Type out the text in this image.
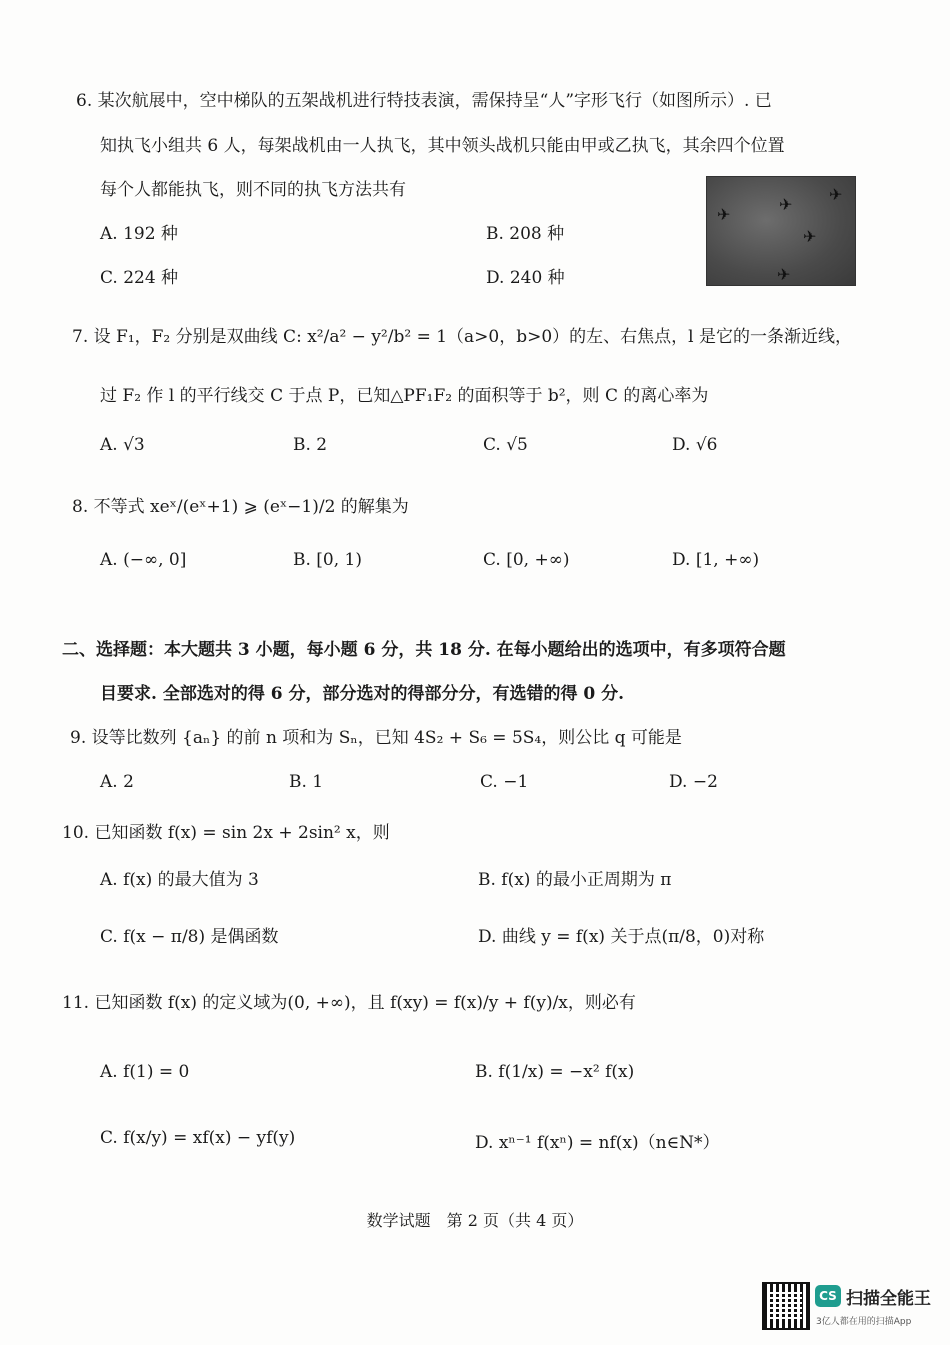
6. 某次航展中，空中梯队的五架战机进行特技表演，需保持呈“人”字形飞行（如图所示）. 已
知执飞小组共 6 人，每架战机由一人执飞，其中领头战机只能由甲或乙执飞，其余四个位置
每个人都能执飞，则不同的执飞方法共有
A. 192 种	B. 208 种
C. 224 种	D. 240 种
✈
✈
✈
✈
✈
7. 设 F₁，F₂ 分别是双曲线 C: x²/a² − y²/b² = 1（a>0，b>0）的左、右焦点，l 是它的一条渐近线，
过 F₂ 作 l 的平行线交 C 于点 P，已知△PF₁F₂ 的面积等于 b²，则 C 的离心率为
A. √3	B. 2	C. √5	D. √6
8. 不等式 xeˣ/(eˣ+1) ⩾ (eˣ−1)/2 的解集为
A. (−∞, 0]	B. [0, 1)	C. [0, +∞)	D. [1, +∞)
二、选择题：本大题共 3 小题，每小题 6 分，共 18 分. 在每小题给出的选项中，有多项符合题
目要求. 全部选对的得 6 分，部分选对的得部分分，有选错的得 0 分.
9. 设等比数列 {aₙ} 的前 n 项和为 Sₙ，已知 4S₂ + S₆ = 5S₄，则公比 q 可能是
A. 2	B. 1	C. −1	D. −2
10. 已知函数 f(x) = sin 2x + 2sin² x，则
A. f(x) 的最大值为 3	B. f(x) 的最小正周期为 π
C. f(x − π/8) 是偶函数	D. 曲线 y = f(x) 关于点(π/8，0)对称
11. 已知函数 f(x) 的定义域为(0, +∞)，且 f(xy) = f(x)/y + f(y)/x，则必有
A. f(1) = 0	B. f(1/x) = −x² f(x)
C. f(x/y) = xf(x) − yf(y)	D. xⁿ⁻¹ f(xⁿ) = nf(x)（n∈N*）
数学试题　第 2 页（共 4 页）
CS 扫描全能王
3亿人都在用的扫描App
